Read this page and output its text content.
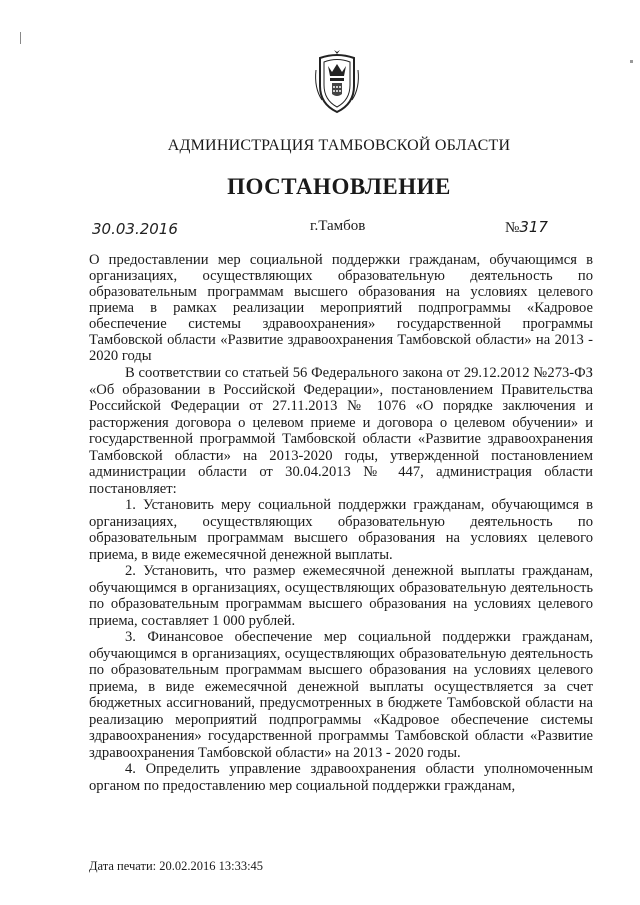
АДМИНИСТРАЦИЯ ТАМБОВСКОЙ ОБЛАСТИ
ПОСТАНОВЛЕНИЕ
30.03.2016	г.Тамбов	№317
О предоставлении мер социальной поддержки гражданам, обучающимся в организациях, осуществляющих образовательную деятельность по образовательным программам высшего образования на условиях целевого приема в рамках реализации мероприятий подпрограммы «Кадровое обеспечение системы здравоохранения» государственной программы Тамбовской области «Развитие здравоохранения Тамбовской области» на 2013 - 2020 годы

В соответствии со статьей 56 Федерального закона от 29.12.2012 №273-ФЗ «Об образовании в Российской Федерации», постановлением Правительства Российской Федерации от 27.11.2013 № 1076 «О порядке заключения и расторжения договора о целевом приеме и договора о целевом обучении» и государственной программой Тамбовской области «Развитие здравоохранения Тамбовской области» на 2013-2020 годы, утвержденной постановлением администрации области от 30.04.2013 № 447, администрация области постановляет:

1. Установить меру социальной поддержки гражданам, обучающимся в организациях, осуществляющих образовательную деятельность по образовательным программам высшего образования на условиях целевого приема, в виде ежемесячной денежной выплаты.

2. Установить, что размер ежемесячной денежной выплаты гражданам, обучающимся в организациях, осуществляющих образовательную деятельность по образовательным программам высшего образования на условиях целевого приема, составляет 1 000 рублей.

3. Финансовое обеспечение мер социальной поддержки гражданам, обучающимся в организациях, осуществляющих образовательную деятельность по образовательным программам высшего образования на условиях целевого приема, в виде ежемесячной денежной выплаты осуществляется за счет бюджетных ассигнований, предусмотренных в бюджете Тамбовской области на реализацию мероприятий подпрограммы «Кадровое обеспечение системы здравоохранения» государственной программы Тамбовской области «Развитие здравоохранения Тамбовской области» на 2013 - 2020 годы.

4. Определить управление здравоохранения области уполномоченным органом по предоставлению мер социальной поддержки гражданам,

Дата печати: 20.02.2016 13:33:45
